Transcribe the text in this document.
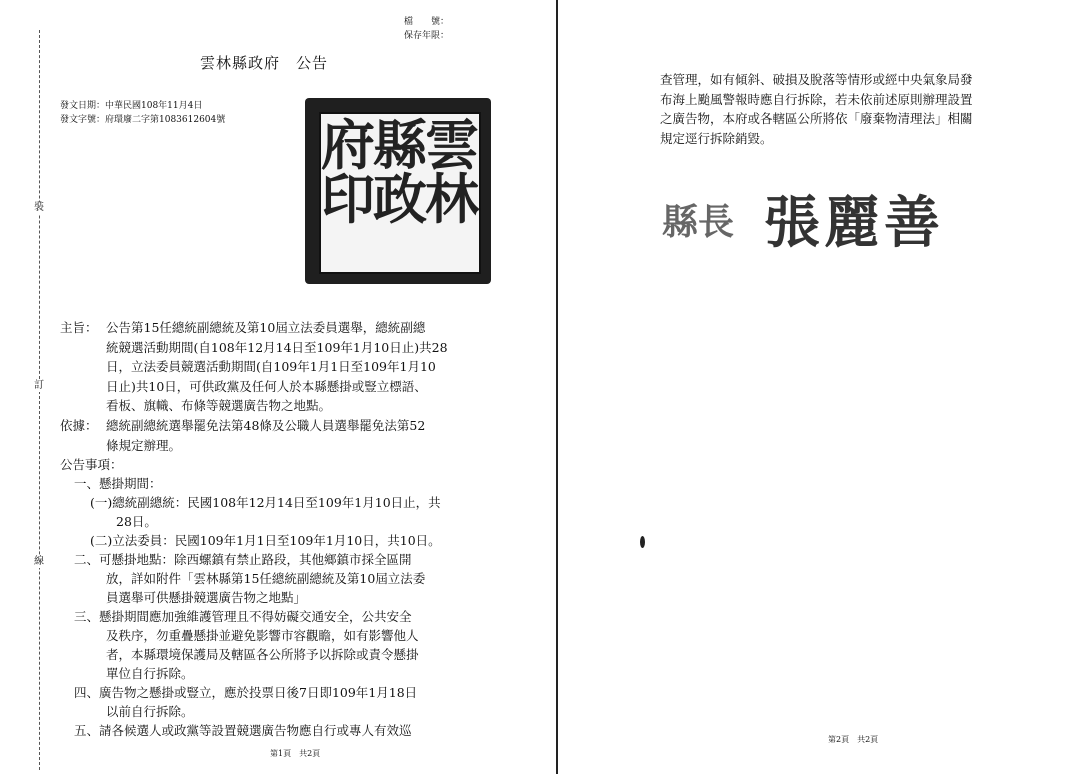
裝
訂
線
檔　　號：
保存年限：
雲林縣政府　公告
發文日期：中華民國108年11月4日
發文字號：府環廢二字第1083612604號	雲
林
縣
政
府
印
主旨： 公告第15任總統副總統及第10屆立法委員選舉，總統副總
統競選活動期間(自108年12月14日至109年1月10日止)共28
日，立法委員競選活動期間(自109年1月1日至109年1月10
日止)共10日，可供政黨及任何人於本縣懸掛或豎立標語、
看板、旗幟、布條等競選廣告物之地點。
依據： 總統副總統選舉罷免法第48條及公職人員選舉罷免法第52
條規定辦理。
公告事項：
一、懸掛期間：
(一)總統副總統：民國108年12月14日至109年1月10日止，共
28日。
(二)立法委員：民國109年1月1日至109年1月10日，共10日。
二、可懸掛地點：除西螺鎮有禁止路段，其他鄉鎮市採全區開
放，詳如附件「雲林縣第15任總統副總統及第10屆立法委
員選舉可供懸掛競選廣告物之地點」
三、懸掛期間應加強維護管理且不得妨礙交通安全，公共安全
及秩序，勿重疊懸掛並避免影響市容觀瞻，如有影響他人
者，本縣環境保護局及轄區各公所將予以拆除或責令懸掛
單位自行拆除。
四、廣告物之懸掛或豎立，應於投票日後7日即109年1月18日
以前自行拆除。
五、請各候選人或政黨等設置競選廣告物應自行或專人有效巡
第1頁　共2頁
查管理，如有傾斜、破損及脫落等情形或經中央氣象局發
布海上颱風警報時應自行拆除，若未依前述原則辦理設置
之廣告物，本府或各轄區公所將依「廢棄物清理法」相關
規定逕行拆除銷毀。
縣長 張麗善
第2頁　共2頁
